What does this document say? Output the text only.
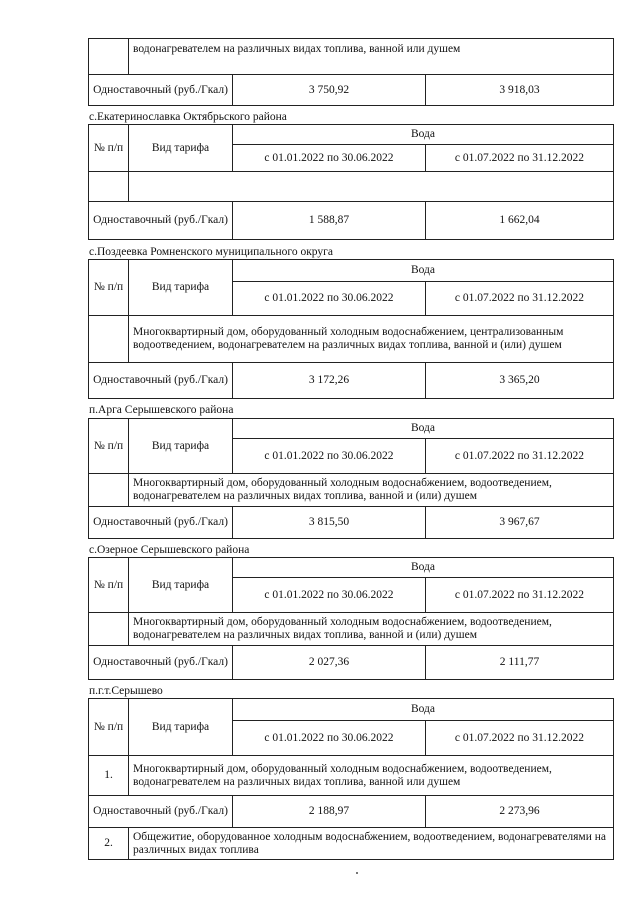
	водонагревателем на различных видах топлива, ванной или душем		
Одноставочный (руб./Гкал)		3 750,92	3 918,03
с.Екатеринославка Октябрьского района
№ п/п	Вид тарифа	Вода	
		с 01.01.2022 по 30.06.2022	с 01.07.2022 по 31.12.2022

Одноставочный (руб./Гкал)		1 588,87	1 662,04
с.Поздеевка Ромненского муниципального округа
№ п/п	Вид тарифа	Вода	
		с 01.01.2022 по 30.06.2022	с 01.07.2022 по 31.12.2022
	Многоквартирный дом, оборудованный холодным водоснабжением, централизованным водоотведением, водонагревателем на различных видах топлива, ванной и (или) душем		
Одноставочный (руб./Гкал)		3 172,26	3 365,20
п.Арга Серышевского района
№ п/п	Вид тарифа	Вода	
		с 01.01.2022 по 30.06.2022	с 01.07.2022 по 31.12.2022
	Многоквартирный дом, оборудованный холодным водоснабжением, водоотведением, водонагревателем на различных видах топлива, ванной и (или) душем		
Одноставочный (руб./Гкал)		3 815,50	3 967,67
с.Озерное Серышевского района
№ п/п	Вид тарифа	Вода	
		с 01.01.2022 по 30.06.2022	с 01.07.2022 по 31.12.2022
	Многоквартирный дом, оборудованный холодным водоснабжением, водоотведением, водонагревателем на различных видах топлива, ванной и (или) душем		
Одноставочный (руб./Гкал)		2 027,36	2 111,77
п.г.т.Серышево
№ п/п	Вид тарифа	Вода	
		с 01.01.2022 по 30.06.2022	с 01.07.2022 по 31.12.2022
1.	Многоквартирный дом, оборудованный холодным водоснабжением, водоотведением, водонагревателем на различных видах топлива, ванной или душем		
Одноставочный (руб./Гкал)		2 188,97	2 273,96
2.	Общежитие, оборудованное холодным водоснабжением, водоотведением, водонагревателями на различных видах топлива		
